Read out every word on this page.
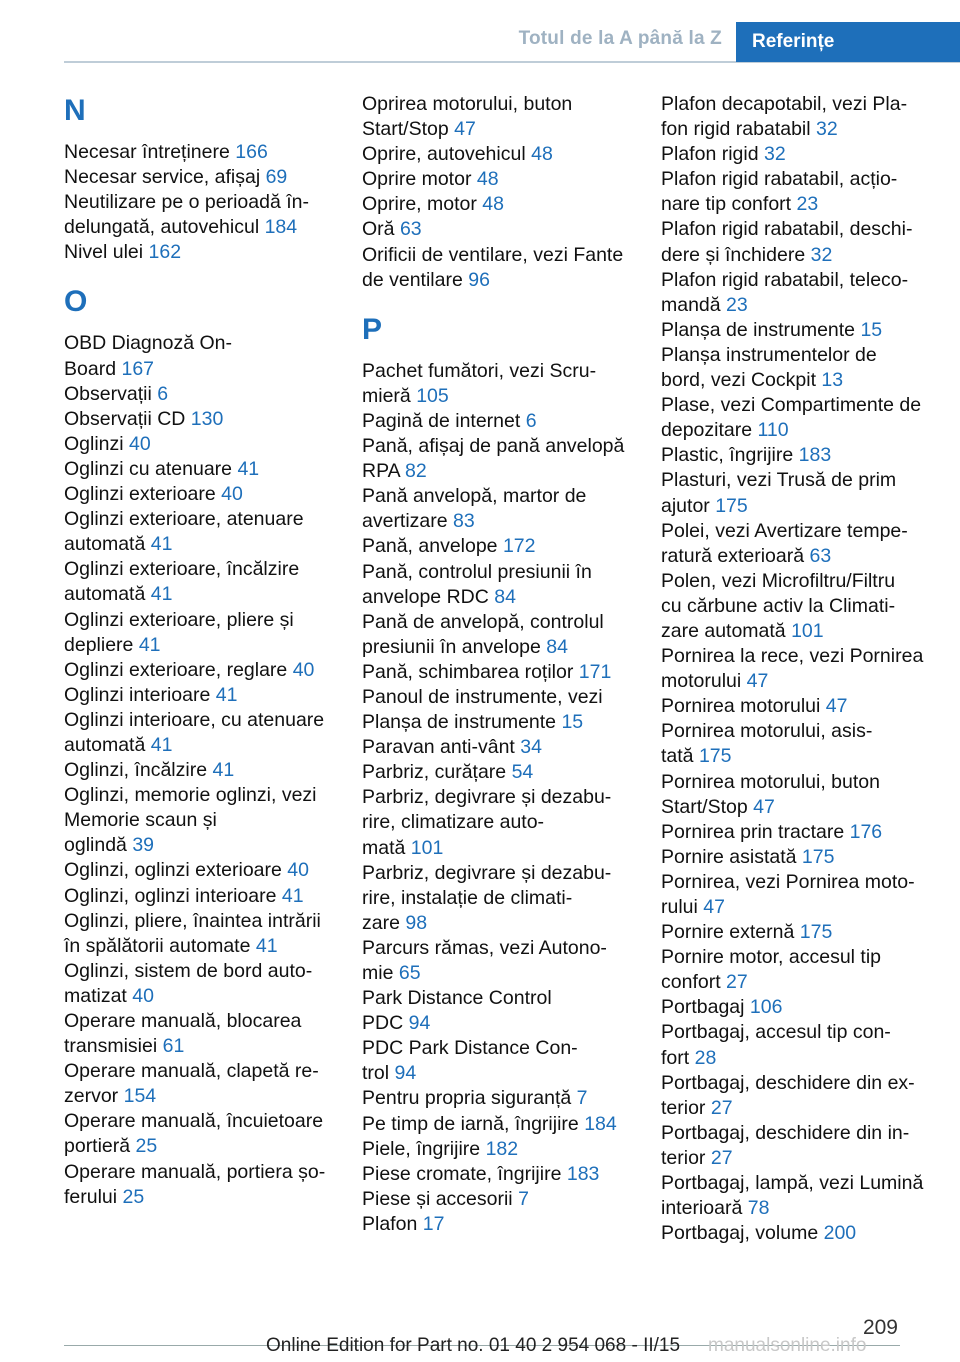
Totul de la A până la Z	Referințe
N
Necesar întreținere 166
Necesar service, afișaj 69
Neutilizare pe o perioadă în-
delungată, autovehicul 184
Nivel ulei 162
O
OBD Diagnoză On-
Board 167
Observații 6
Observații CD 130
Oglinzi 40
Oglinzi cu atenuare 41
Oglinzi exterioare 40
Oglinzi exterioare, atenuare
automată 41
Oglinzi exterioare, încălzire
automată 41
Oglinzi exterioare, pliere și
depliere 41
Oglinzi exterioare, reglare 40
Oglinzi interioare 41
Oglinzi interioare, cu atenuare
automată 41
Oglinzi, încălzire 41
Oglinzi, memorie oglinzi, vezi
Memorie scaun și
oglindă 39
Oglinzi, oglinzi exterioare 40
Oglinzi, oglinzi interioare 41
Oglinzi, pliere, înaintea intrării
în spălătorii automate 41
Oglinzi, sistem de bord auto-
matizat 40
Operare manuală, blocarea
transmisiei 61
Operare manuală, clapetă re-
zervor 154
Operare manuală, încuietoare
portieră 25
Operare manuală, portiera șo-
ferului 25
Oprirea motorului, buton
Start/Stop 47
Oprire, autovehicul 48
Oprire motor 48
Oprire, motor 48
Oră 63
Orificii de ventilare, vezi Fante
de ventilare 96
P
Pachet fumători, vezi Scru-
mieră 105
Pagină de internet 6
Pană, afișaj de pană anvelopă
RPA 82
Pană anvelopă, martor de
avertizare 83
Pană, anvelope 172
Pană, controlul presiunii în
anvelope RDC 84
Pană de anvelopă, controlul
presiunii în anvelope 84
Pană, schimbarea roților 171
Panoul de instrumente, vezi
Planșa de instrumente 15
Paravan anti-vânt 34
Parbriz, curățare 54
Parbriz, degivrare și dezabu-
rire, climatizare auto-
mată 101
Parbriz, degivrare și dezabu-
rire, instalație de climati-
zare 98
Parcurs rămas, vezi Autono-
mie 65
Park Distance Control
PDC 94
PDC Park Distance Con-
trol 94
Pentru propria siguranță 7
Pe timp de iarnă, îngrijire 184
Piele, îngrijire 182
Piese cromate, îngrijire 183
Piese și accesorii 7
Plafon 17
Plafon decapotabil, vezi Pla-
fon rigid rabatabil 32
Plafon rigid 32
Plafon rigid rabatabil, acțio-
nare tip confort 23
Plafon rigid rabatabil, deschi-
dere și închidere 32
Plafon rigid rabatabil, teleco-
mandă 23
Planșa de instrumente 15
Planșa instrumentelor de
bord, vezi Cockpit 13
Plase, vezi Compartimente de
depozitare 110
Plastic, îngrijire 183
Plasturi, vezi Trusă de prim
ajutor 175
Polei, vezi Avertizare tempe-
ratură exterioară 63
Polen, vezi Microfiltru/Filtru
cu cărbune activ la Climati-
zare automată 101
Pornirea la rece, vezi Pornirea
motorului 47
Pornirea motorului 47
Pornirea motorului, asis-
tată 175
Pornirea motorului, buton
Start/Stop 47
Pornirea prin tractare 176
Pornire asistată 175
Pornirea, vezi Pornirea moto-
rului 47
Pornire externă 175
Pornire motor, accesul tip
confort 27
Portbagaj 106
Portbagaj, accesul tip con-
fort 28
Portbagaj, deschidere din ex-
terior 27
Portbagaj, deschidere din in-
terior 27
Portbagaj, lampă, vezi Lumină
interioară 78
Portbagaj, volume 200
209
Online Edition for Part no. 01 40 2 954 068 - II/15 manualsonline.info
